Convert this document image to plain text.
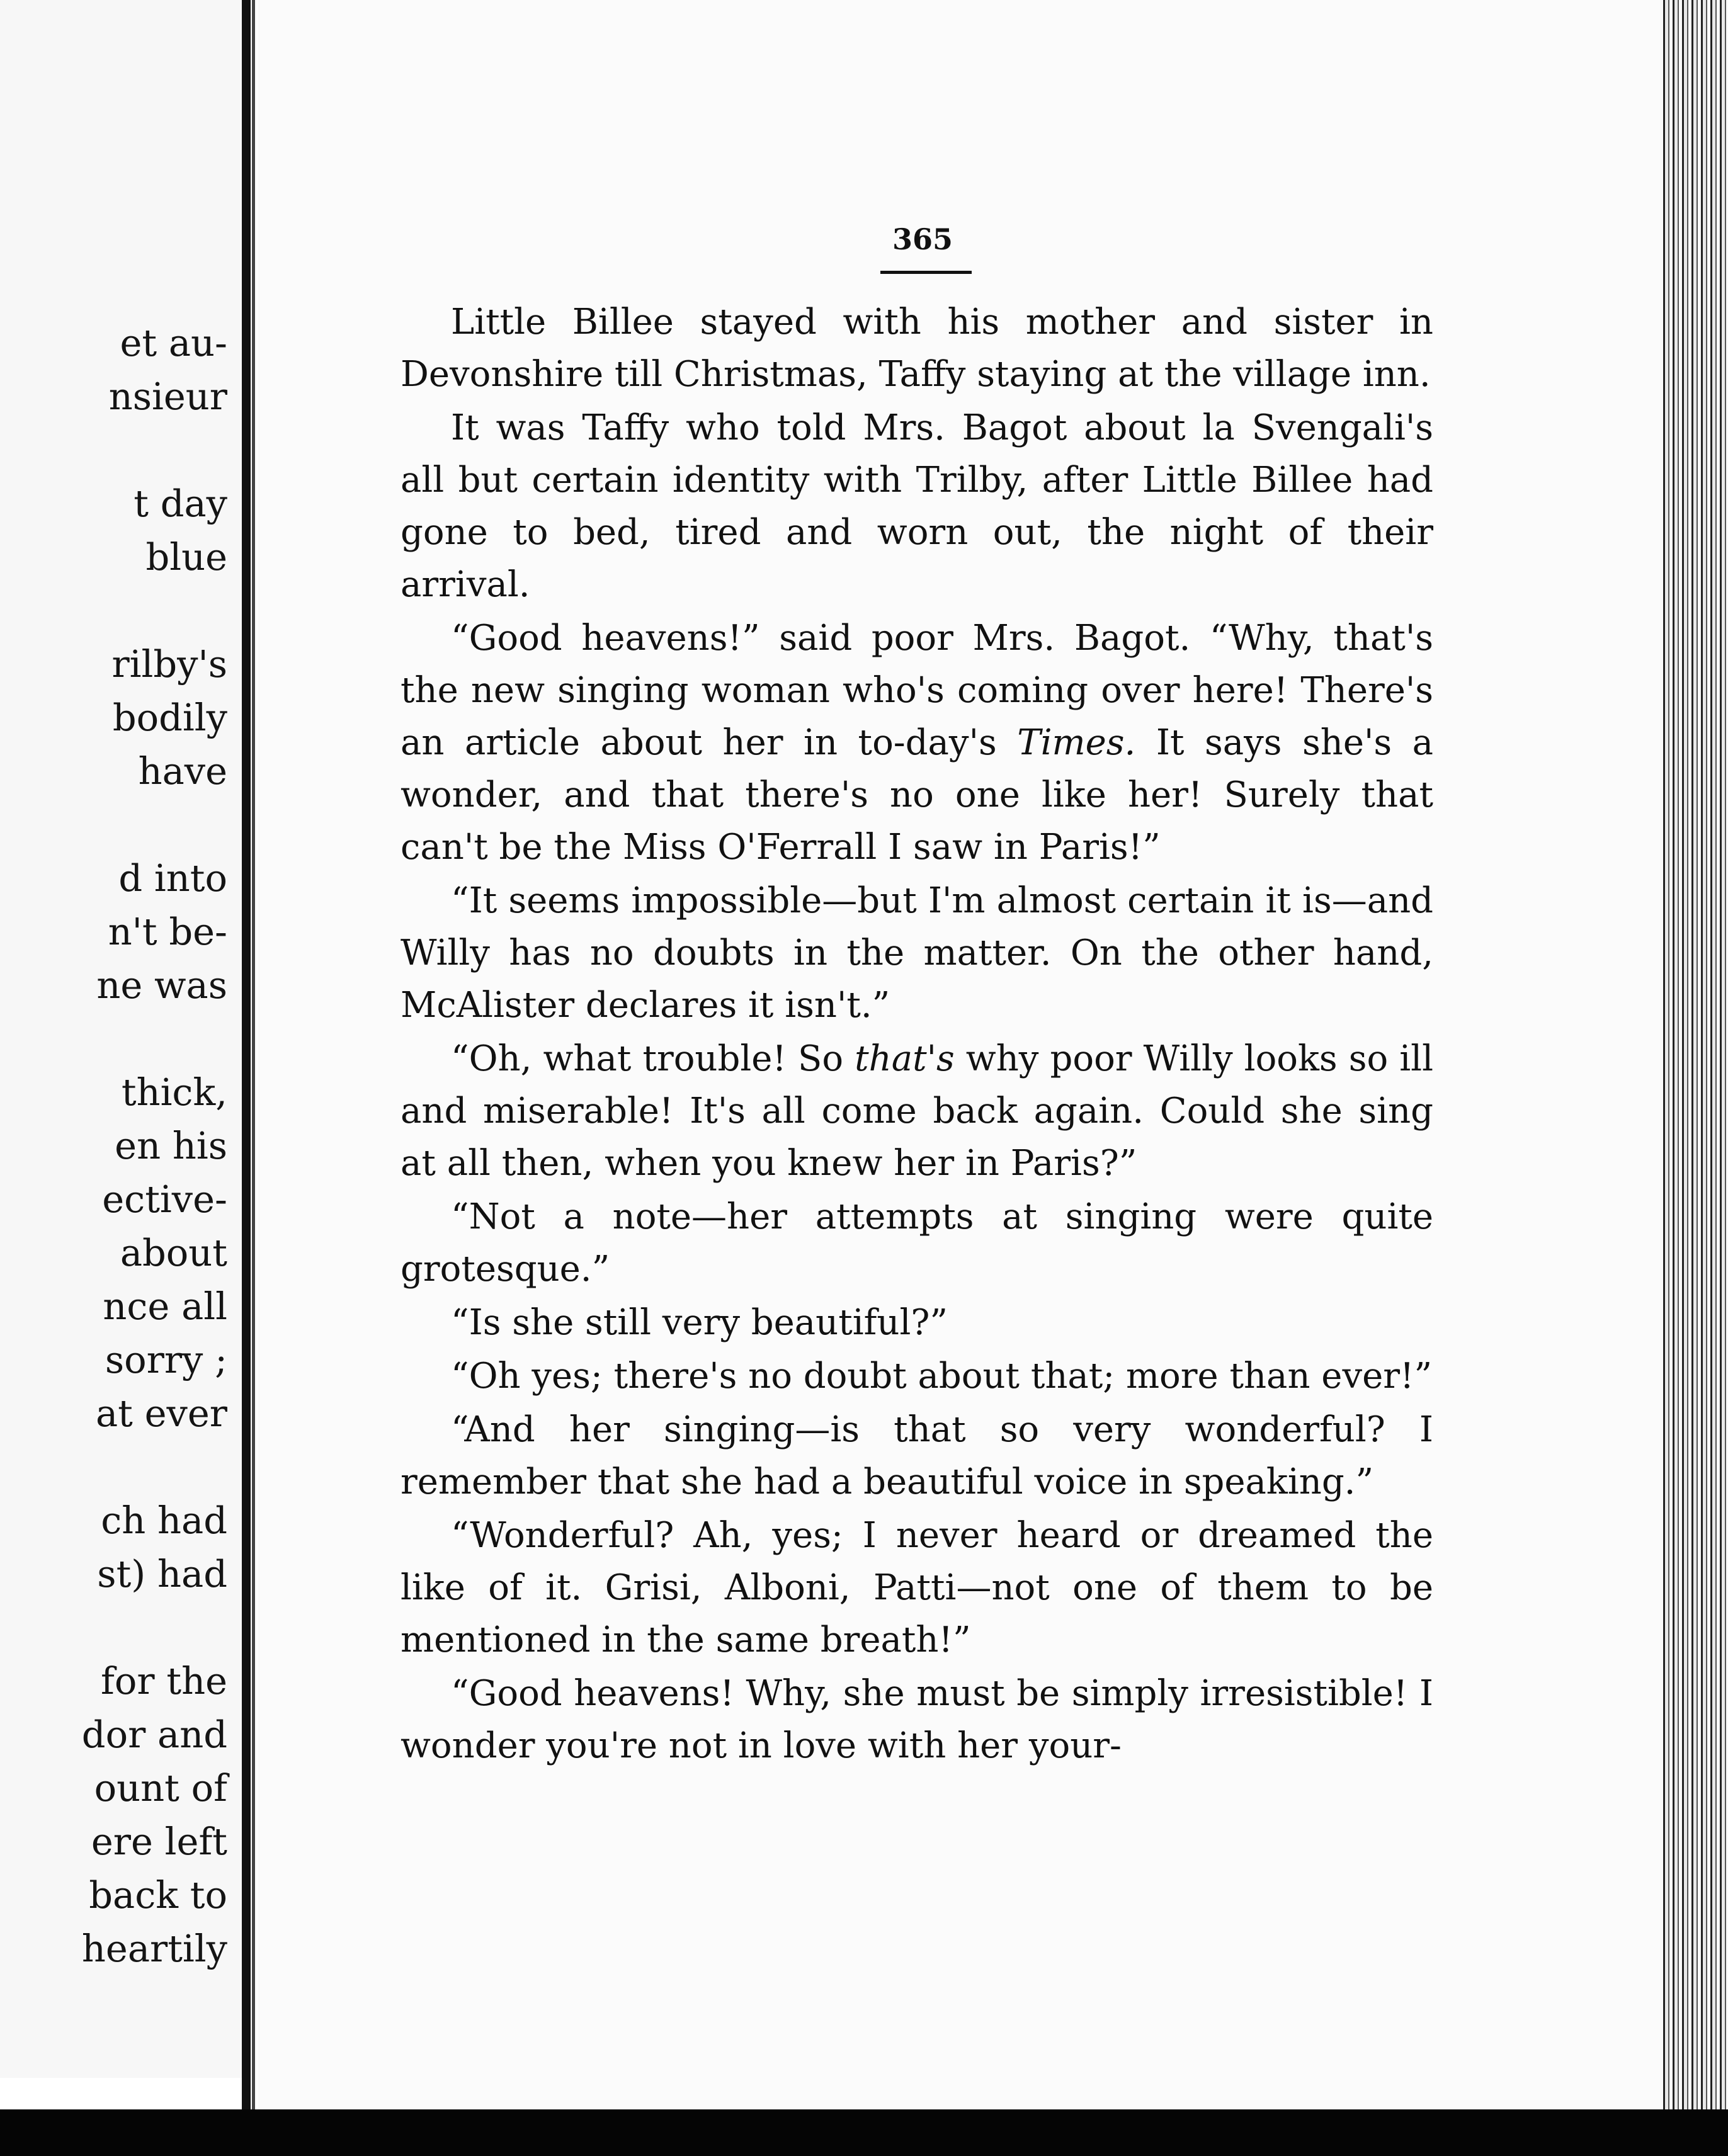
et au-
nsieur
t day
blue
rilby's
bodily
have
d into
n't be-
ne was
thick,
en his
ective-
about
nce all
sorry ;
at ever
ch had
st) had
for the
dor and
ount of
ere left
back to
heartily
365

Little Billee stayed with his mother and sister in Devonshire till Christmas, Taffy staying at the village inn.

It was Taffy who told Mrs. Bagot about la Svengali's all but certain identity with Trilby, after Little Billee had gone to bed, tired and worn out, the night of their arrival.

“Good heavens!” said poor Mrs. Bagot. “Why, that's the new singing woman who's coming over here! There's an article about her in to-day's Times. It says she's a wonder, and that there's no one like her! Surely that can't be the Miss O'Ferrall I saw in Paris!”

“It seems impossible—but I'm almost certain it is—and Willy has no doubts in the matter. On the other hand, McAlister declares it isn't.”

“Oh, what trouble! So that's why poor Willy looks so ill and miserable! It's all come back again. Could she sing at all then, when you knew her in Paris?”

“Not a note—her attempts at singing were quite grotesque.”

“Is she still very beautiful?”

“Oh yes; there's no doubt about that; more than ever!”

“And her singing—is that so very wonderful? I remember that she had a beautiful voice in speaking.”

“Wonderful? Ah, yes; I never heard or dreamed the like of it. Grisi, Alboni, Patti—not one of them to be mentioned in the same breath!”

“Good heavens! Why, she must be simply irresistible! I wonder you're not in love with her your-
